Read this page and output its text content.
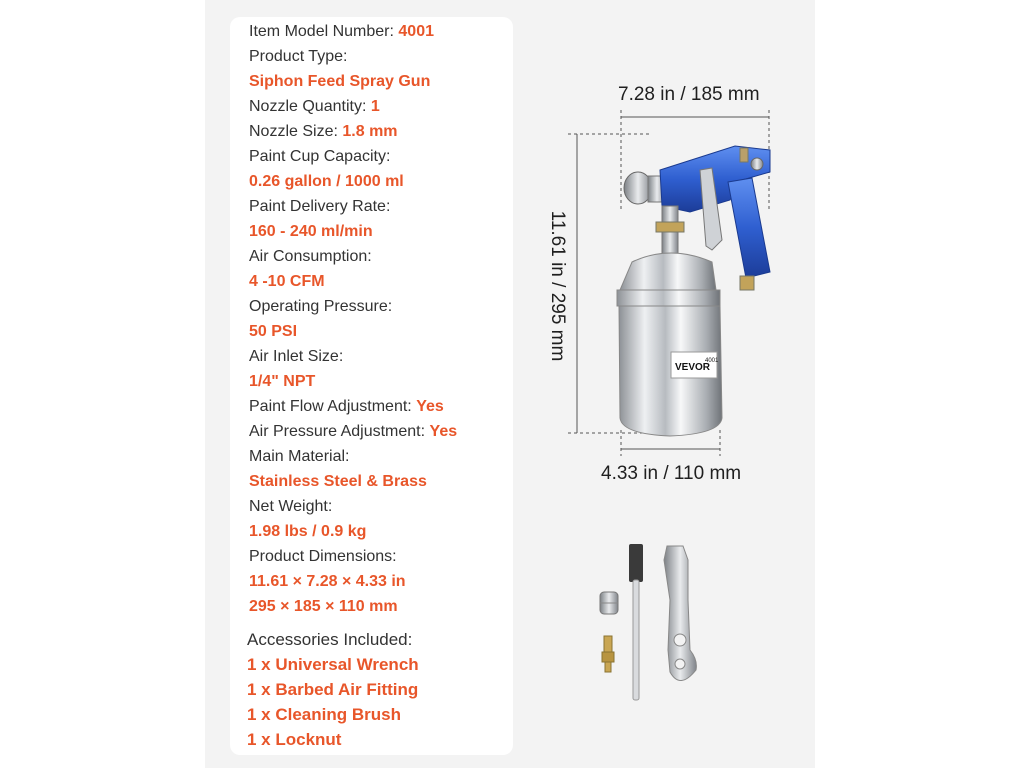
Item Model Number: 4001
Product Type:
Siphon Feed Spray Gun
Nozzle Quantity: 1
Nozzle Size: 1.8 mm
Paint Cup Capacity:
0.26 gallon / 1000 ml
Paint Delivery Rate:
160 - 240 ml/min
Air Consumption:
4 -10 CFM
Operating Pressure:
50 PSI
Air Inlet Size:
1/4" NPT
Paint Flow Adjustment: Yes
Air Pressure Adjustment: Yes
Main Material:
Stainless Steel & Brass
Net Weight:
1.98 lbs / 0.9 kg
Product Dimensions:
11.61 × 7.28 × 4.33 in
295 × 185 × 110 mm
Accessories Included:
1 x Universal Wrench
1 x Barbed Air Fitting
1 x Cleaning Brush
1 x Locknut
VEVOR
4001
7.28 in / 185 mm
4.33 in / 110 mm
11.61 in / 295 mm
